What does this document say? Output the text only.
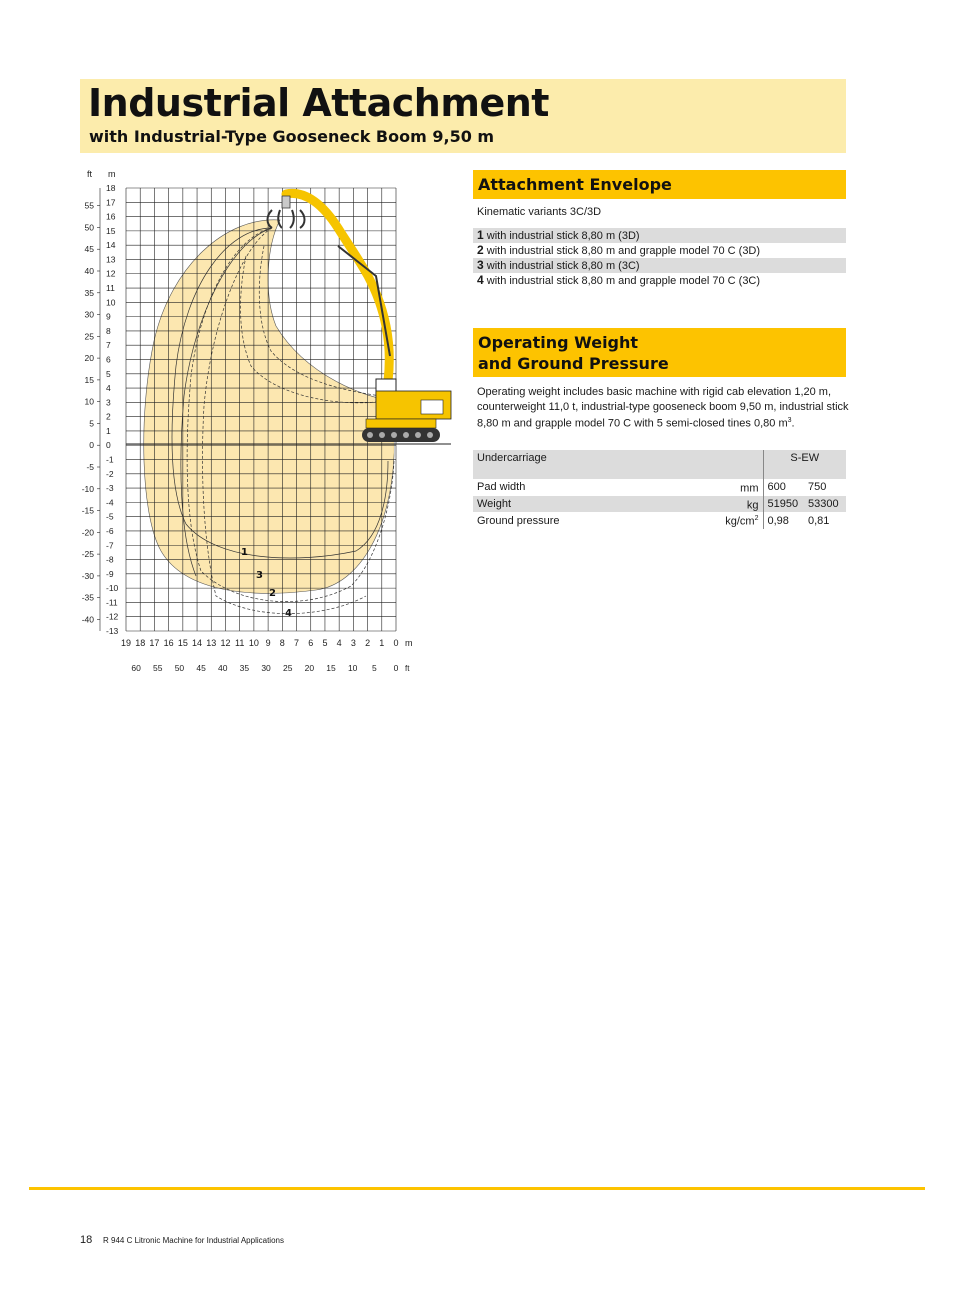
Industrial Attachment
with Industrial-Type Gooseneck Boom 9,50 m
ft m
18
17
16
15
14
13
12
11
10
9
8
7
6
5
4
3
2
1
0
-1
-2
-3
-4
-5
-6
-7
-8
-9
-10
-11
-12
-13
55
50
45
40
35
30
25
20
15
10
5
0
-5
-10
-15
-20
-25
-30
-35
-40
19 18 17 16 15 14 13 12 11 10 9 8 7 6 5 4 3 2 1 0
60 55 50 45 40 35 30 25 20 15 10 5 0
m
ft
1
3
2
4
Attachment Envelope
Kinematic variants 3C/3D
1 with industrial stick 8,80 m (3D)
2 with industrial stick 8,80 m and grapple model 70 C (3D)
3 with industrial stick 8,80 m (3C)
4 with industrial stick 8,80 m and grapple model 70 C (3C)
Operating Weight
and Ground Pressure
Operating weight includes basic machine with rigid cab elevation 1,20 m, counterweight 11,0 t, industrial-type gooseneck boom 9,50 m, industrial stick 8,80 m and grapple model 70 C with 5 semi-closed tines 0,80 $m^3$.
Undercarriage		S-EW	
Pad width	mm	600	750
Weight	kg	51950	53300
Ground pressure	$kg/cm^2$	0,98	0,81
18 R 944 C Litronic Machine for Industrial Applications
